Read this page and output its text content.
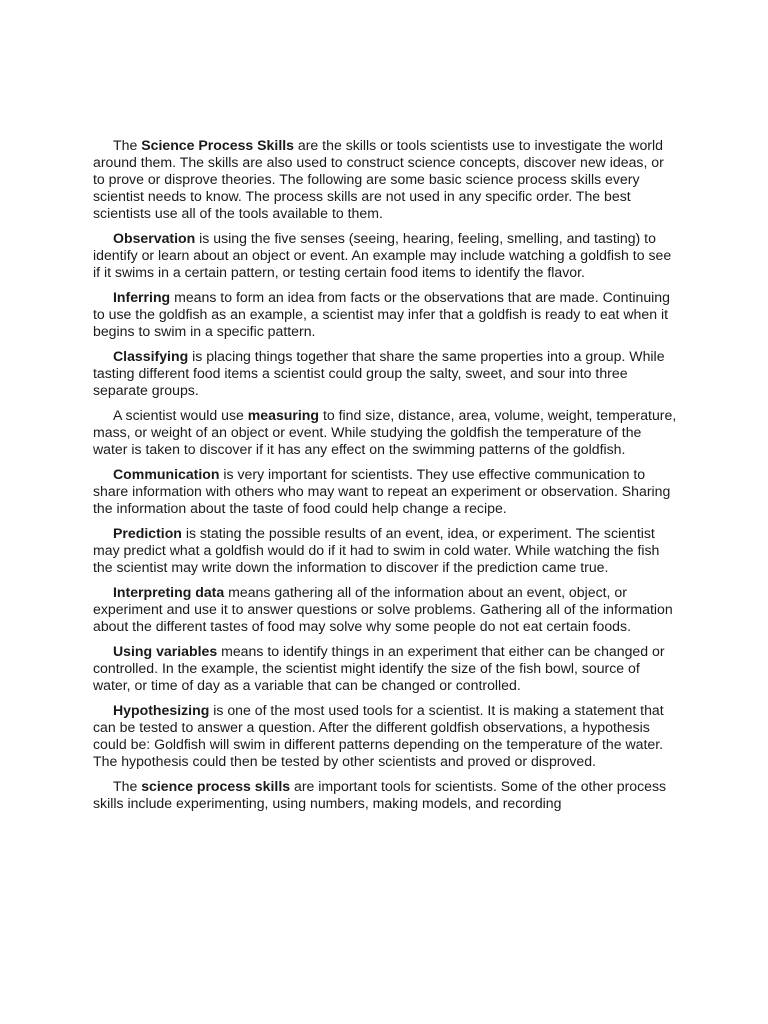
The Science Process Skills are the skills or tools scientists use to investigate the world around them. The skills are also used to construct science concepts, discover new ideas, or to prove or disprove theories. The following are some basic science process skills every scientist needs to know. The process skills are not used in any specific order. The best scientists use all of the tools available to them.

Observation is using the five senses (seeing, hearing, feeling, smelling, and tasting) to identify or learn about an object or event. An example may include watching a goldfish to see if it swims in a certain pattern, or testing certain food items to identify the flavor.

Inferring means to form an idea from facts or the observations that are made. Continuing to use the goldfish as an example, a scientist may infer that a goldfish is ready to eat when it begins to swim in a specific pattern.

Classifying is placing things together that share the same properties into a group. While tasting different food items a scientist could group the salty, sweet, and sour into three separate groups.

A scientist would use measuring to find size, distance, area, volume, weight, temperature, mass, or weight of an object or event. While studying the goldfish the temperature of the water is taken to discover if it has any effect on the swimming patterns of the goldfish.

Communication is very important for scientists. They use effective communication to share information with others who may want to repeat an experiment or observation. Sharing the information about the taste of food could help change a recipe.

Prediction is stating the possible results of an event, idea, or experiment. The scientist may predict what a goldfish would do if it had to swim in cold water. While watching the fish the scientist may write down the information to discover if the prediction came true.

Interpreting data means gathering all of the information about an event, object, or experiment and use it to answer questions or solve problems. Gathering all of the information about the different tastes of food may solve why some people do not eat certain foods.

Using variables means to identify things in an experiment that either can be changed or controlled. In the example, the scientist might identify the size of the fish bowl, source of water, or time of day as a variable that can be changed or controlled.

Hypothesizing is one of the most used tools for a scientist. It is making a statement that can be tested to answer a question. After the different goldfish observations, a hypothesis could be: Goldfish will swim in different patterns depending on the temperature of the water. The hypothesis could then be tested by other scientists and proved or disproved.

The science process skills are important tools for scientists. Some of the other process skills include experimenting, using numbers, making models, and recording
